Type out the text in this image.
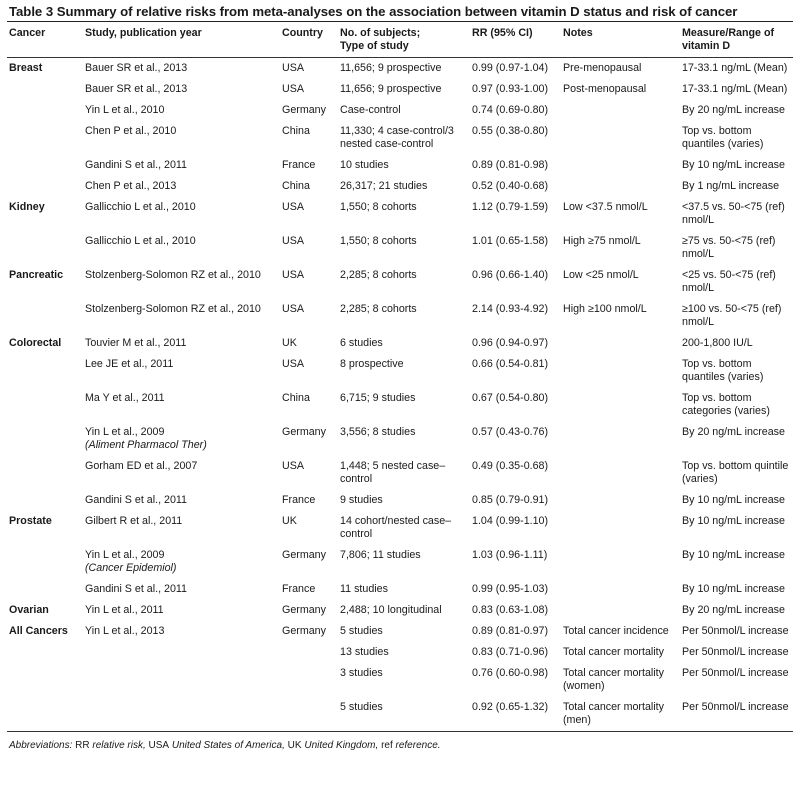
Table 3 Summary of relative risks from meta-analyses on the association between vitamin D status and risk of cancer
Cancer	Study, publication year	Country	No. of subjects;
Type of study	RR (95% CI)	Notes	Measure/Range of
vitamin D

Breast	Bauer SR et al., 2013	USA	11,656; 9 prospective	0.99 (0.97-1.04)	Pre-menopausal	17-33.1 ng/mL (Mean)
	Bauer SR et al., 2013	USA	11,656; 9 prospective	0.97 (0.93-1.00)	Post-menopausal	17-33.1 ng/mL (Mean)
	Yin L et al., 2010	Germany	Case-control	0.74 (0.69-0.80)		By 20 ng/mL increase
	Chen P et al., 2010	China	11,330; 4 case-control/3 nested case-control	0.55 (0.38-0.80)		Top vs. bottom quantiles (varies)
	Gandini S et al., 2011	France	10 studies	0.89 (0.81-0.98)		By 10 ng/mL increase
	Chen P et al., 2013	China	26,317; 21 studies	0.52 (0.40-0.68)		By 1 ng/mL increase
Kidney	Gallicchio L et al., 2010	USA	1,550; 8 cohorts	1.12 (0.79-1.59)	Low <37.5 nmol/L	<37.5 vs. 50-<75 (ref) nmol/L
	Gallicchio L et al., 2010	USA	1,550; 8 cohorts	1.01 (0.65-1.58)	High ≥75 nmol/L	≥75 vs. 50-<75 (ref) nmol/L
Pancreatic	Stolzenberg-Solomon RZ et al., 2010	USA	2,285; 8 cohorts	0.96 (0.66-1.40)	Low <25 nmol/L	<25 vs. 50-<75 (ref) nmol/L
	Stolzenberg-Solomon RZ et al., 2010	USA	2,285; 8 cohorts	2.14 (0.93-4.92)	High ≥100 nmol/L	≥100 vs. 50-<75 (ref) nmol/L
Colorectal	Touvier M et al., 2011	UK	6 studies	0.96 (0.94-0.97)		200-1,800 IU/L
	Lee JE et al., 2011	USA	8 prospective	0.66 (0.54-0.81)		Top vs. bottom quantiles (varies)
	Ma Y et al., 2011	China	6,715; 9 studies	0.67 (0.54-0.80)		Top vs. bottom categories (varies)
	Yin L et al., 2009
(Aliment Pharmacol Ther)	Germany	3,556; 8 studies	0.57 (0.43-0.76)		By 20 ng/mL increase
	Gorham ED et al., 2007	USA	1,448; 5 nested case–control	0.49 (0.35-0.68)		Top vs. bottom quintile (varies)
	Gandini S et al., 2011	France	9 studies	0.85 (0.79-0.91)		By 10 ng/mL increase
Prostate	Gilbert R et al., 2011	UK	14 cohort/nested case–control	1.04 (0.99-1.10)		By 10 ng/mL increase
	Yin L et al., 2009
(Cancer Epidemiol)	Germany	7,806; 11 studies	1.03 (0.96-1.11)		By 10 ng/mL increase
	Gandini S et al., 2011	France	11 studies	0.99 (0.95-1.03)		By 10 ng/mL increase
Ovarian	Yin L et al., 2011	Germany	2,488; 10 longitudinal	0.83 (0.63-1.08)		By 20 ng/mL increase
All Cancers	Yin L et al., 2013	Germany	5 studies	0.89 (0.81-0.97)	Total cancer incidence	Per 50nmol/L increase
			13 studies	0.83 (0.71-0.96)	Total cancer mortality	Per 50nmol/L increase
			3 studies	0.76 (0.60-0.98)	Total cancer mortality (women)	Per 50nmol/L increase
			5 studies	0.92 (0.65-1.32)	Total cancer mortality (men)	Per 50nmol/L increase
Abbreviations: RR relative risk, USA United States of America, UK United Kingdom, ref reference.
